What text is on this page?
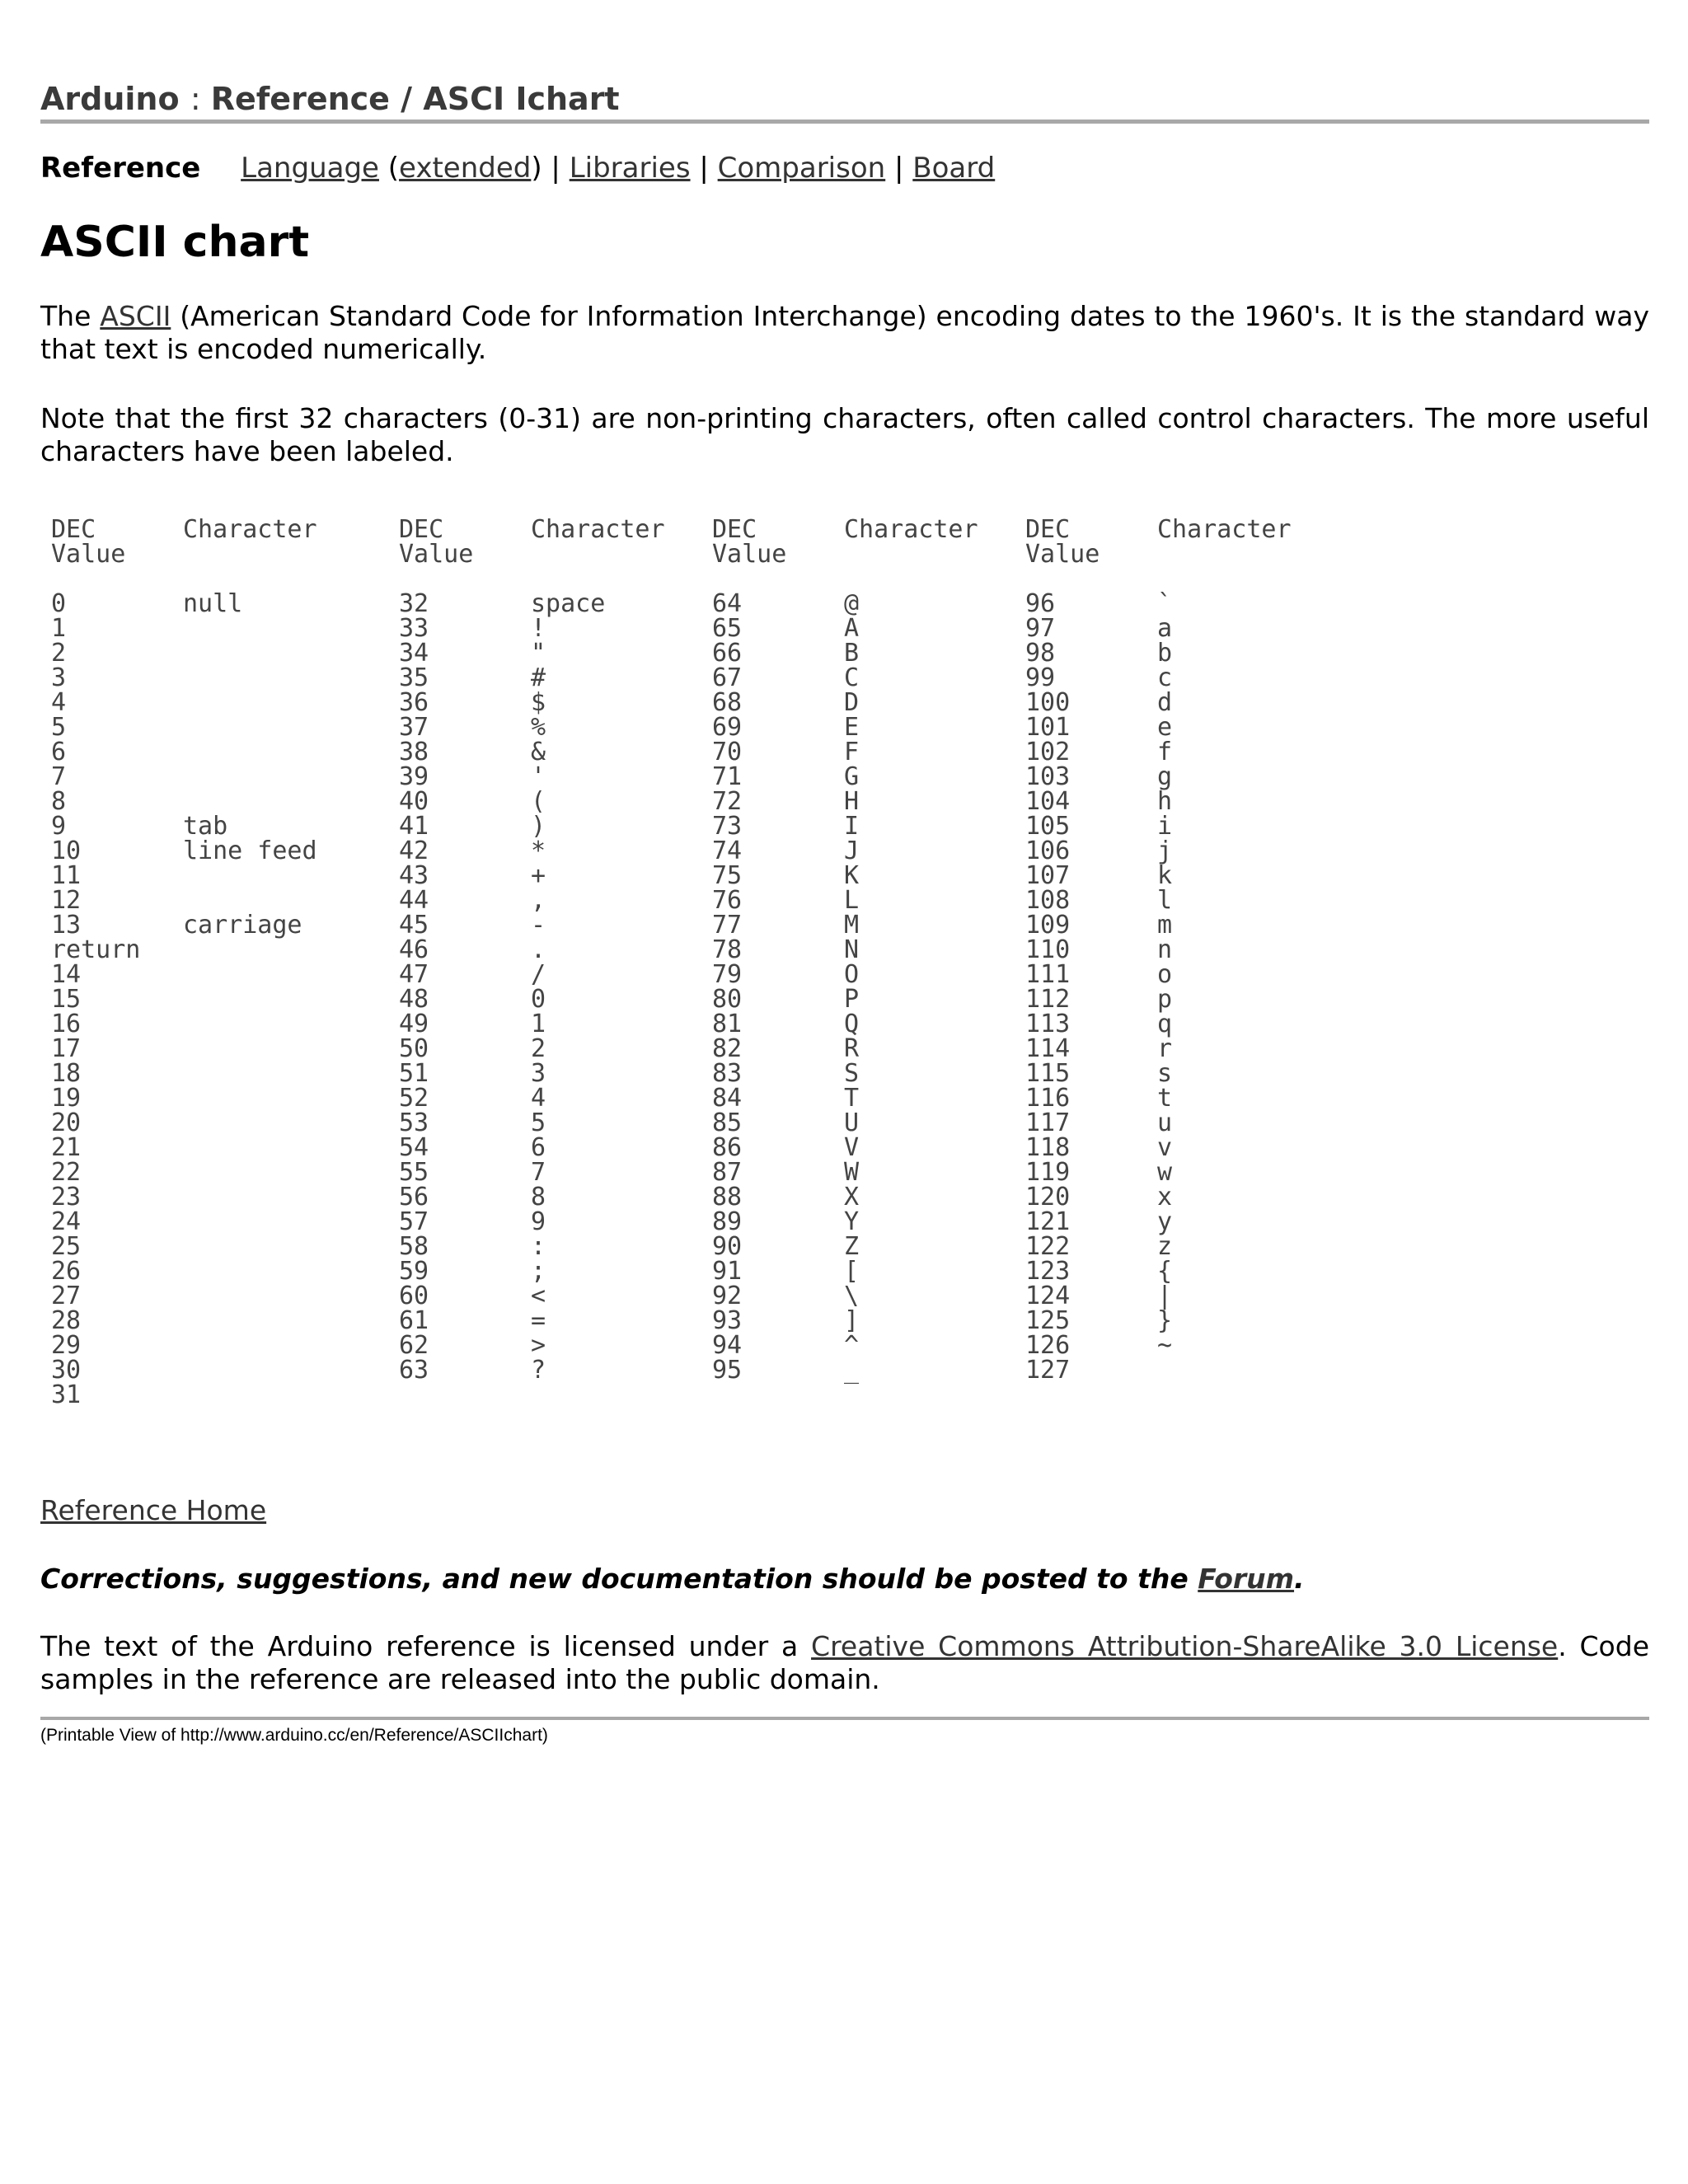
Arduino : Reference / ASCI Ichart
Reference Language (extended) | Libraries | Comparison | Board
ASCII chart
The ASCII (American Standard Code for Information Interchange) encoding dates to the 1960's. It is the standard way that text is encoded numerically.
Note that the first 32 characters (0-31) are non-printing characters, often called control characters. The more useful characters have been labeled.
DEC
Value
Character
0
1
2
3
4
5
6
7
8
9
10
11
12
13
return
14
15
16
17
18
19
20
21
22
23
24
25
26
27
28
29
30
31
null
tab
line feed
carriage
DEC
Value
Character
32
33
34
35
36
37
38
39
40
41
42
43
44
45
46
47
48
49
50
51
52
53
54
55
56
57
58
59
60
61
62
63
space
!
"
#
$
%
&
'
(
)
*
+
,
-
.
/
0
1
2
3
4
5
6
7
8
9
:
;
<
=
>
?
DEC
Value
Character
64
65
66
67
68
69
70
71
72
73
74
75
76
77
78
79
80
81
82
83
84
85
86
87
88
89
90
91
92
93
94
95
@
A
B
C
D
E
F
G
H
I
J
K
L
M
N
O
P
Q
R
S
T
U
V
W
X
Y
Z
[
\
]
^
_
DEC
Value
Character
96
97
98
99
100
101
102
103
104
105
106
107
108
109
110
111
112
113
114
115
116
117
118
119
120
121
122
123
124
125
126
127
`
a
b
c
d
e
f
g
h
i
j
k
l
m
n
o
p
q
r
s
t
u
v
w
x
y
z
{
|
}
~
Reference Home
Corrections, suggestions, and new documentation should be posted to the Forum.
The text of the Arduino reference is licensed under a Creative Commons Attribution-ShareAlike 3.0 License. Code samples in the reference are released into the public domain.
(Printable View of http://www.arduino.cc/en/Reference/ASCIIchart)
